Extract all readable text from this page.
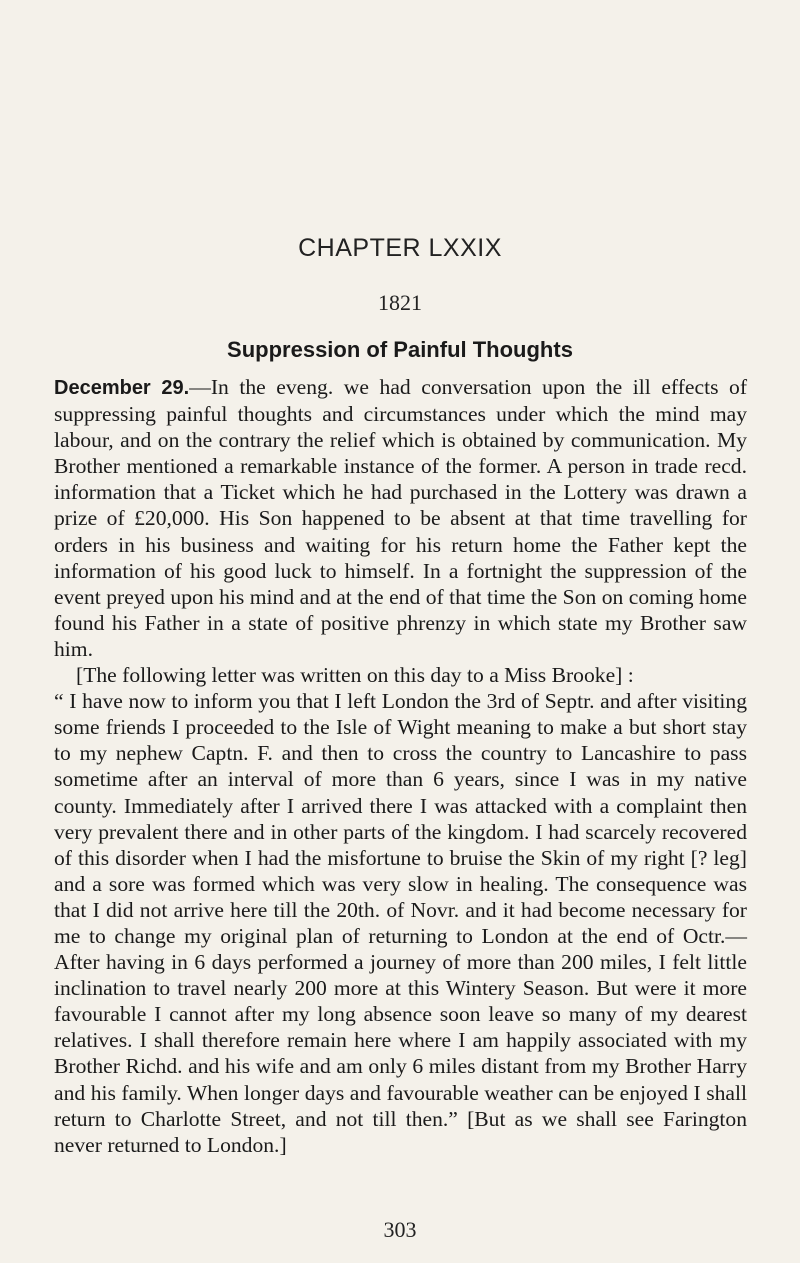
CHAPTER LXXIX
1821
Suppression of Painful Thoughts

December 29.—In the eveng. we had conversation upon the ill effects of suppressing painful thoughts and circumstances under which the mind may labour, and on the contrary the relief which is obtained by communication. My Brother mentioned a remarkable instance of the former. A person in trade recd. information that a Ticket which he had purchased in the Lottery was drawn a prize of £20,000. His Son happened to be absent at that time travelling for orders in his business and waiting for his return home the Father kept the information of his good luck to himself. In a fortnight the suppression of the event preyed upon his mind and at the end of that time the Son on coming home found his Father in a state of positive phrenzy in which state my Brother saw him.

[The following letter was written on this day to a Miss Brooke] :

“ I have now to inform you that I left London the 3rd of Septr. and after visiting some friends I proceeded to the Isle of Wight meaning to make a but short stay to my nephew Captn. F. and then to cross the country to Lancashire to pass sometime after an interval of more than 6 years, since I was in my native county. Immediately after I arrived there I was attacked with a complaint then very prevalent there and in other parts of the kingdom. I had scarcely recovered of this disorder when I had the misfortune to bruise the Skin of my right [? leg] and a sore was formed which was very slow in healing. The consequence was that I did not arrive here till the 20th. of Novr. and it had become necessary for me to change my original plan of returning to London at the end of Octr.— After having in 6 days performed a journey of more than 200 miles, I felt little inclination to travel nearly 200 more at this Wintery Season. But were it more favourable I cannot after my long absence soon leave so many of my dearest relatives. I shall therefore remain here where I am happily associated with my Brother Richd. and his wife and am only 6 miles distant from my Brother Harry and his family. When longer days and favourable weather can be enjoyed I shall return to Charlotte Street, and not till then.” [But as we shall see Farington never returned to London.]

303
